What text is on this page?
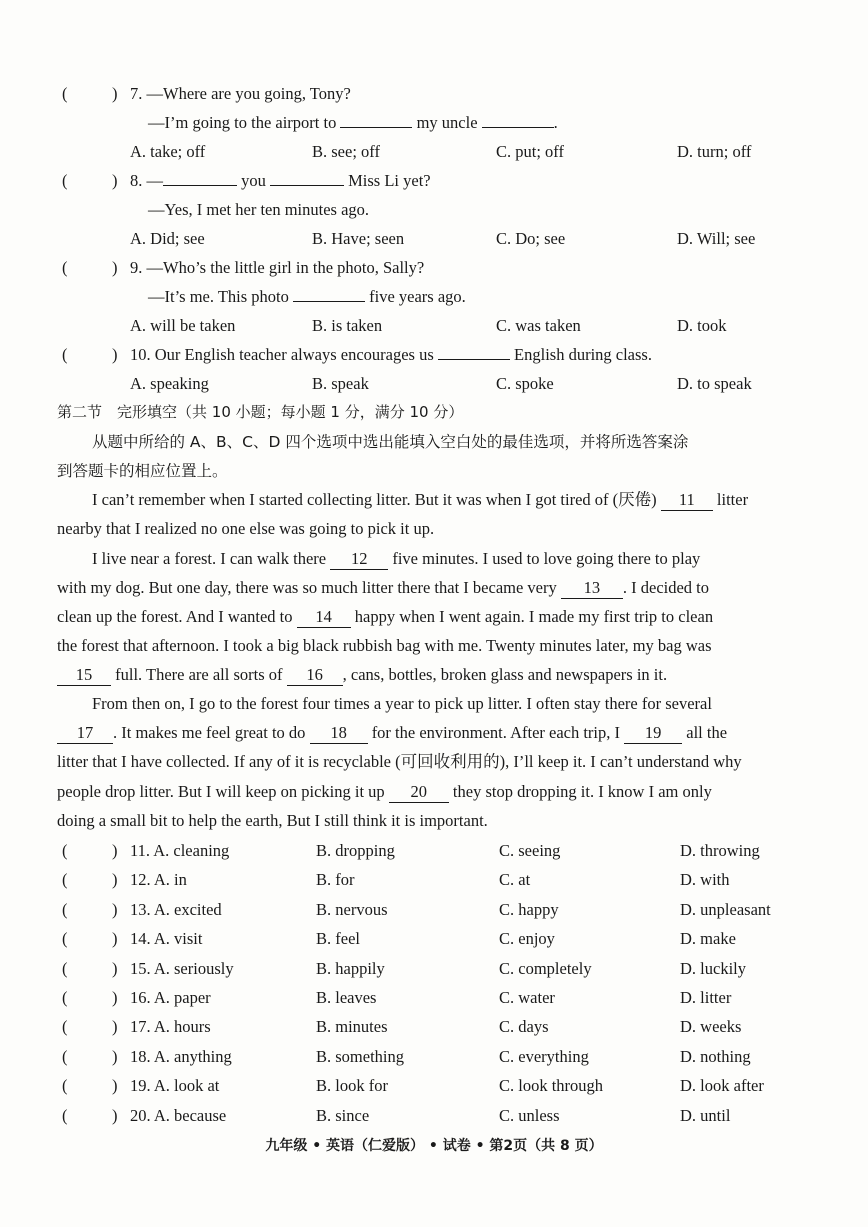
(	) 7. —Where are you going, Tony?
—I’m going to the airport to	my uncle	.
A. take; off	B. see; off	C. put; off	D. turn; off
(	) 8. —	you	Miss Li yet?
—Yes, I met her ten minutes ago.
A. Did; see	B. Have; seen	C. Do; see	D. Will; see
(	) 9. —Who’s the little girl in the photo, Sally?
—It’s me. This photo	five years ago.
A. will be taken	B. is taken	C. was taken	D. took
(	) 10. Our English teacher always encourages us	English during class.
A. speaking	B. speak	C. spoke	D. to speak
第二节　完形填空（共 10 小题；每小题 1 分，满分 10 分）
从题中所给的 A、B、C、D 四个选项中选出能填入空白处的最佳选项，并将所选答案涂
到答题卡的相应位置上。
I can’t remember when I started collecting litter. But it was when I got tired of (厌倦) 11 litter
nearby that I realized no one else was going to pick it up.
I live near a forest. I can walk there 12 five minutes. I used to love going there to play
with my dog. But one day, there was so much litter there that I became very 13 . I decided to
clean up the forest. And I wanted to 14 happy when I went again. I made my first trip to clean
the forest that afternoon. I took a big black rubbish bag with me. Twenty minutes later, my bag was
15 full. There are all sorts of 16 , cans, bottles, broken glass and newspapers in it.
From then on, I go to the forest four times a year to pick up litter. I often stay there for several
17 . It makes me feel great to do 18 for the environment. After each trip, I 19 all the
litter that I have collected. If any of it is recyclable (可回收利用的), I’ll keep it. I can’t understand why
people drop litter. But I will keep on picking it up 20 they stop dropping it. I know I am only
doing a small bit to help the earth, But I still think it is important.
(	) 11. A. cleaning	B. dropping	C. seeing	D. throwing
(	) 12. A. in	B. for	C. at	D. with
(	) 13. A. excited	B. nervous	C. happy	D. unpleasant
(	) 14. A. visit	B. feel	C. enjoy	D. make
(	) 15. A. seriously	B. happily	C. completely	D. luckily
(	) 16. A. paper	B. leaves	C. water	D. litter
(	) 17. A. hours	B. minutes	C. days	D. weeks
(	) 18. A. anything	B. something	C. everything	D. nothing
(	) 19. A. look at	B. look for	C. look through	D. look after
(	) 20. A. because	B. since	C. unless	D. until
九年级 • 英语（仁爱版） • 试卷 • 第2页（共 8 页）
